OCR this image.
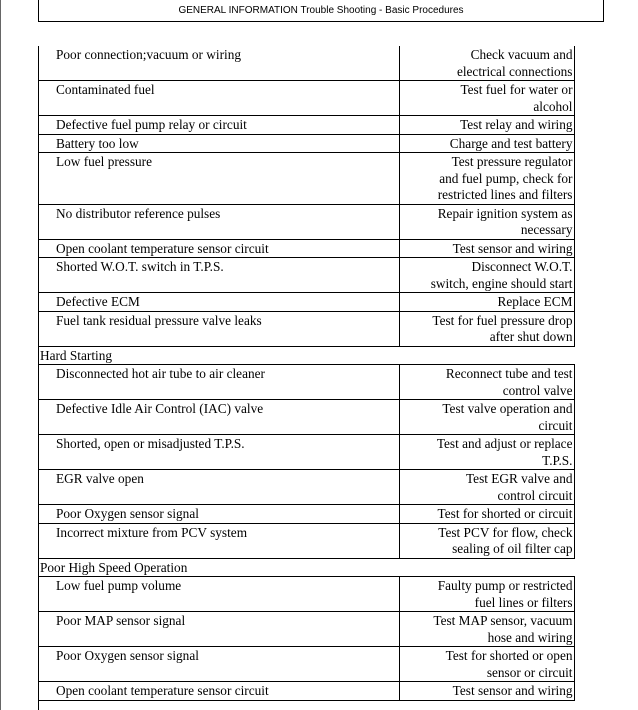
GENERAL INFORMATION Trouble Shooting - Basic Procedures
Poor connection;vacuum or wiring	Check vacuum and
electrical connections

Contaminated fuel	Test fuel for water or
alcohol

Defective fuel pump relay or circuit	Test relay and wiring

Battery too low	Charge and test battery

Low fuel pressure	Test pressure regulator
and fuel pump, check for
restricted lines and filters

No distributor reference pulses	Repair ignition system as
necessary

Open coolant temperature sensor circuit	Test sensor and wiring

Shorted W.O.T. switch in T.P.S.	Disconnect W.O.T.
switch, engine should start

Defective ECM	Replace ECM

Fuel tank residual pressure valve leaks	Test for fuel pressure drop
after shut down

Hard Starting	
Disconnected hot air tube to air cleaner	Reconnect tube and test
control valve

Defective Idle Air Control (IAC) valve	Test valve operation and
circuit

Shorted, open or misadjusted T.P.S.	Test and adjust or replace
T.P.S.

EGR valve open	Test EGR valve and
control circuit

Poor Oxygen sensor signal	Test for shorted or circuit

Incorrect mixture from PCV system	Test PCV for flow, check
sealing of oil filter cap

Poor High Speed Operation	
Low fuel pump volume	Faulty pump or restricted
fuel lines or filters

Poor MAP sensor signal	Test MAP sensor, vacuum
hose and wiring

Poor Oxygen sensor signal	Test for shorted or open
sensor or circuit

Open coolant temperature sensor circuit	Test sensor and wiring
